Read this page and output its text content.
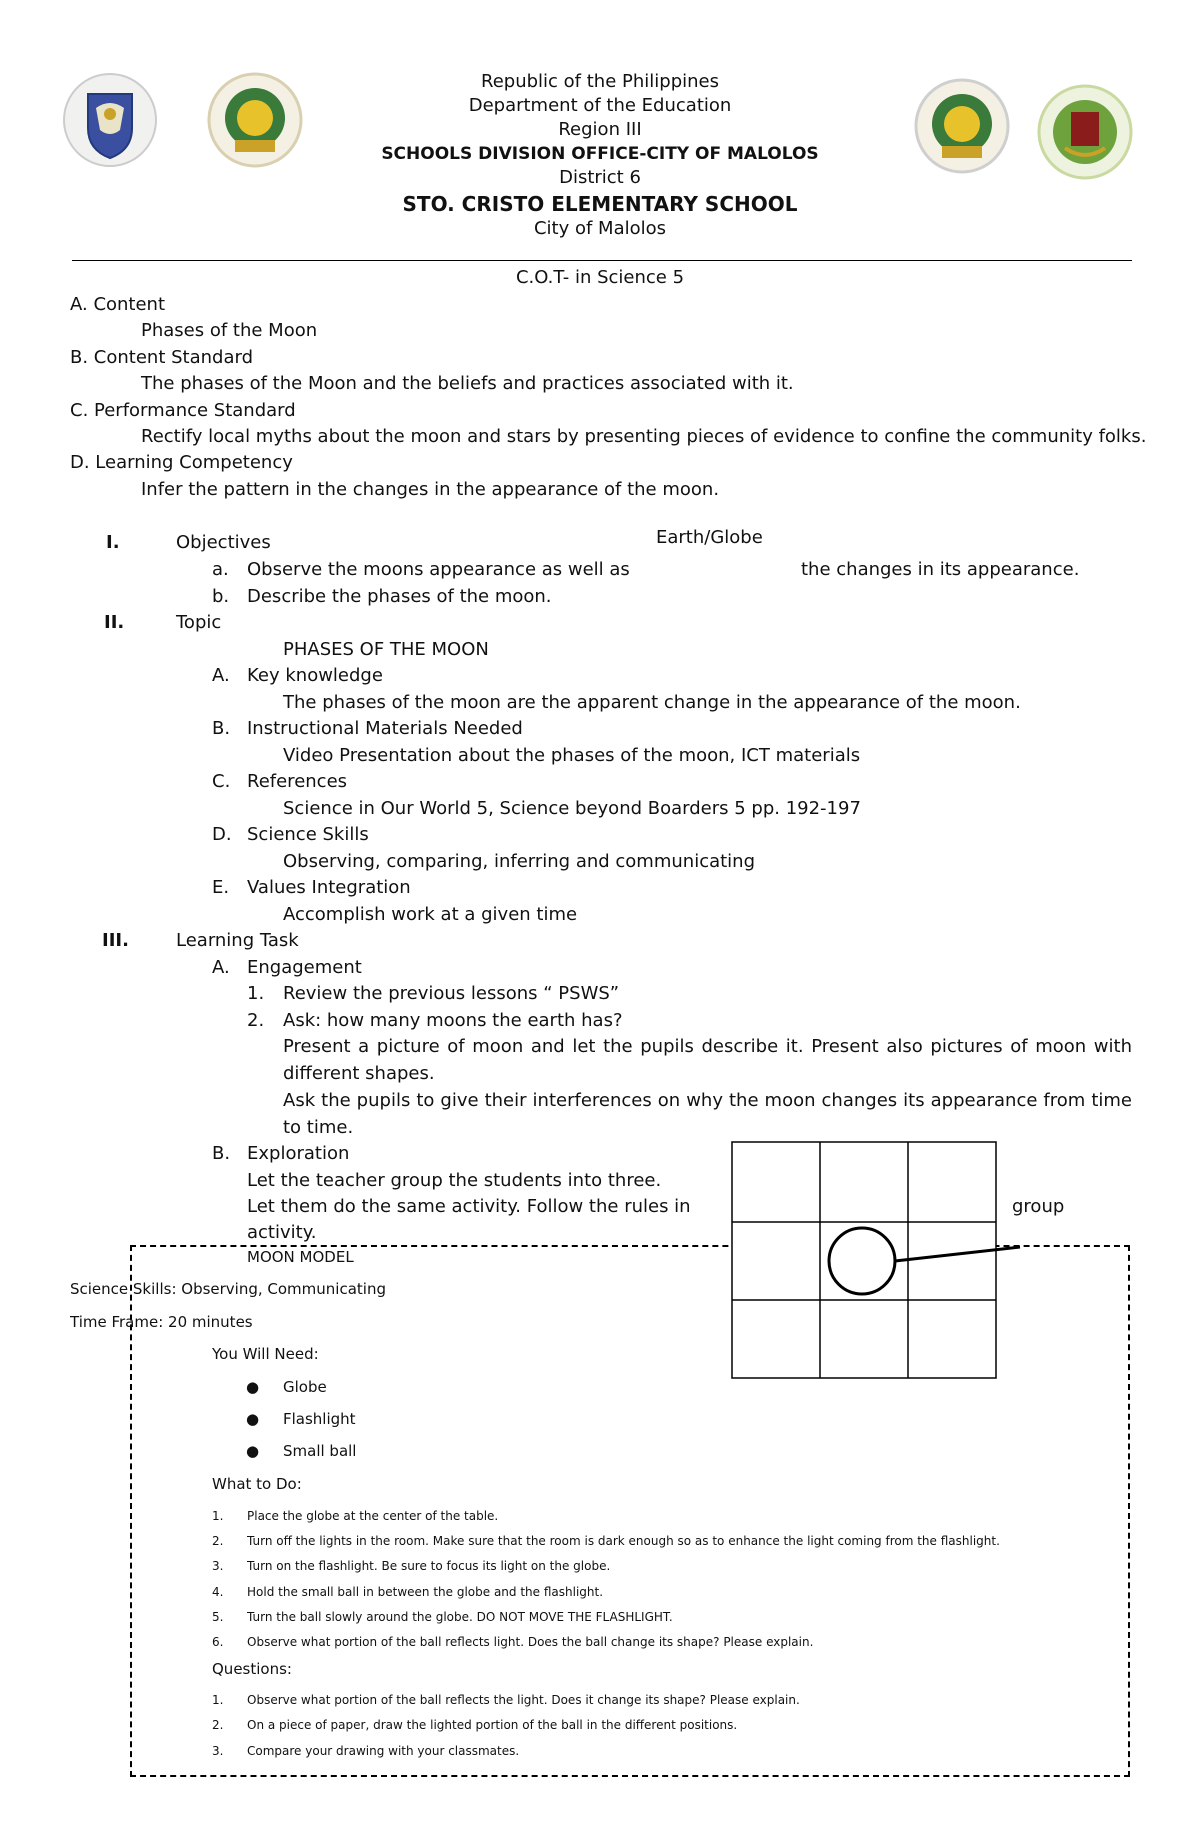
Republic of the Philippines
Department of the Education
Region III
SCHOOLS DIVISION OFFICE-CITY OF MALOLOS
District 6
STO. CRISTO ELEMENTARY SCHOOL
City of Malolos
C.O.T- in Science 5
A. Content
Phases of the Moon
B. Content Standard
The phases of the Moon and the beliefs and practices associated with it.
C. Performance Standard
Rectify local myths about the moon and stars by presenting pieces of evidence to confine the community folks.
D. Learning Competency
Infer the pattern in the changes in the appearance of the moon.
I.	Objectives	Earth/Globe
a. Observe the moons appearance as well as	the changes in its appearance.
b. Describe the phases of the moon.
II.	Topic
PHASES OF THE MOON
A. Key knowledge
The phases of the moon are the apparent change in the appearance of the moon.
B. Instructional Materials Needed
Video Presentation about the phases of the moon, ICT materials
C. References
Science in Our World 5, Science beyond Boarders 5 pp. 192-197
D. Science Skills
Observing, comparing, inferring and communicating
E. Values Integration
Accomplish work at a given time
III.	Learning Task
A. Engagement
1. Review the previous lessons “ PSWS”
2. Ask: how many moons the earth has?
Present a picture of moon and let the pupils describe it. Present also pictures of moon with different shapes.
Ask the pupils to give their interferences on why the moon changes its appearance from time to time.
B. Exploration
Let the teacher group the students into three.
Let them do the same activity. Follow the rules in	group
activity.
MOON MODEL
Science Skills: Observing, Communicating
Time Frame: 20 minutes
You Will Need:
● Globe
● Flashlight
● Small ball
What to Do:
1. Place the globe at the center of the table.
2. Turn off the lights in the room. Make sure that the room is dark enough so as to enhance the light coming from the flashlight.
3. Turn on the flashlight. Be sure to focus its light on the globe.
4. Hold the small ball in between the globe and the flashlight.
5. Turn the ball slowly around the globe. DO NOT MOVE THE FLASHLIGHT.
6. Observe what portion of the ball reflects light. Does the ball change its shape? Please explain.
Questions:
1. Observe what portion of the ball reflects the light. Does it change its shape? Please explain.
2. On a piece of paper, draw the lighted portion of the ball in the different positions.
3. Compare your drawing with your classmates.
